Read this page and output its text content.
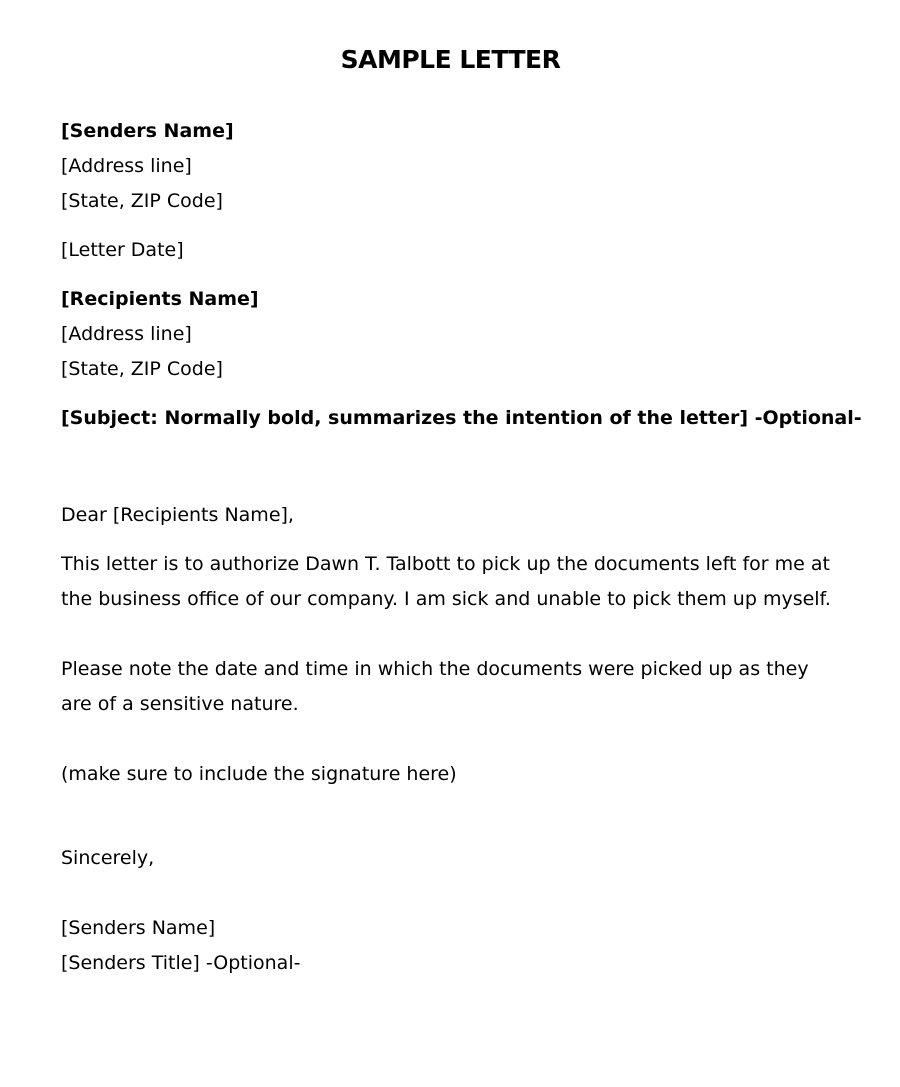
SAMPLE LETTER

[Senders Name]

[Address line]

[State, ZIP Code]

[Letter Date]

[Recipients Name]

[Address line]

[State, ZIP Code]

[Subject: Normally bold, summarizes the intention of the letter] -Optional-

Dear [Recipients Name],

This letter is to authorize Dawn T. Talbott to pick up the documents left for me at the business office of our company. I am sick and unable to pick them up myself.

Please note the date and time in which the documents were picked up as they are of a sensitive nature.

(make sure to include the signature here)

Sincerely,

[Senders Name]

[Senders Title] -Optional-
